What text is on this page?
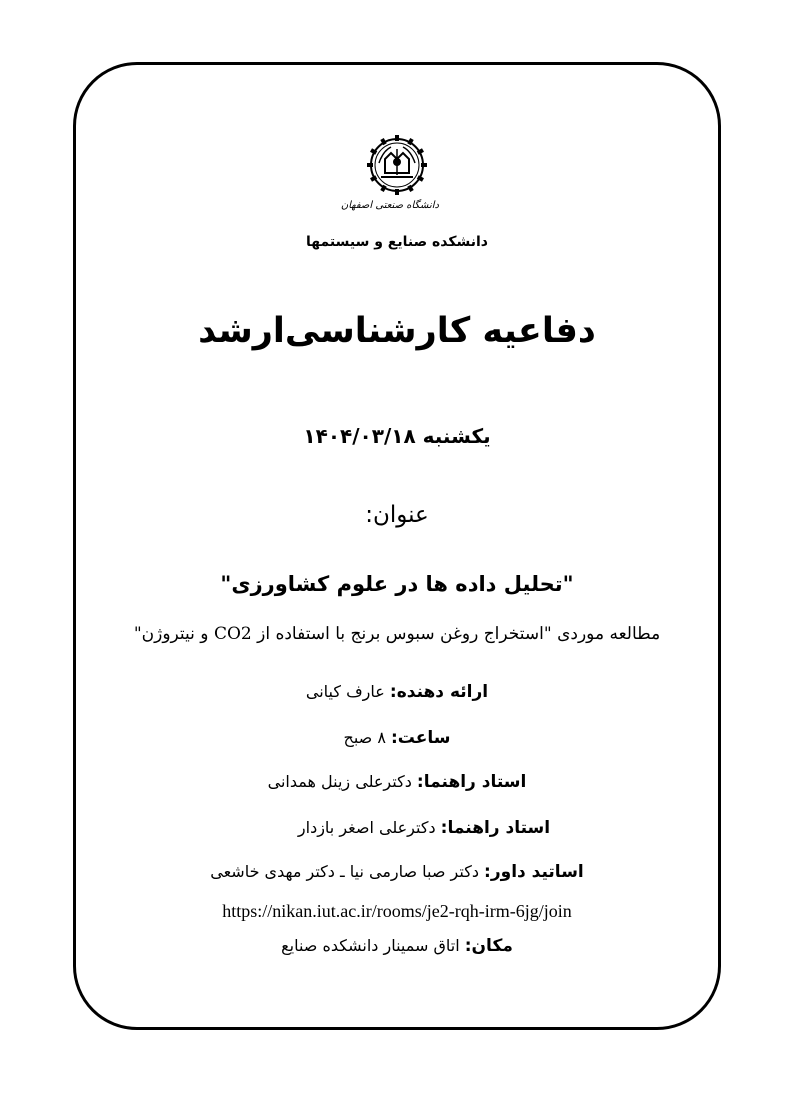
دانشگاه صنعتی اصفهان
دانشکده صنایع و سیستمها
دفاعیه کارشناسی‌ارشد
یکشنبه ۱۴۰۴/۰۳/۱۸
عنوان:
"تحلیل داده ها در علوم کشاورزی"
مطالعه موردی "استخراج روغن سبوس برنج با استفاده از CO2 و نیتروژن"
ارائه دهنده: عارف کیانی
ساعت: ۸ صبح
استاد راهنما: دکترعلی زینل همدانی
استاد راهنما: دکترعلی اصغر بازدار
اساتید داور: دکتر صبا صارمی نیا ـ دکتر مهدی خاشعی
https://nikan.iut.ac.ir/rooms/je2-rqh-irm-6jg/join
مکان: اتاق سمینار دانشکده صنایع
